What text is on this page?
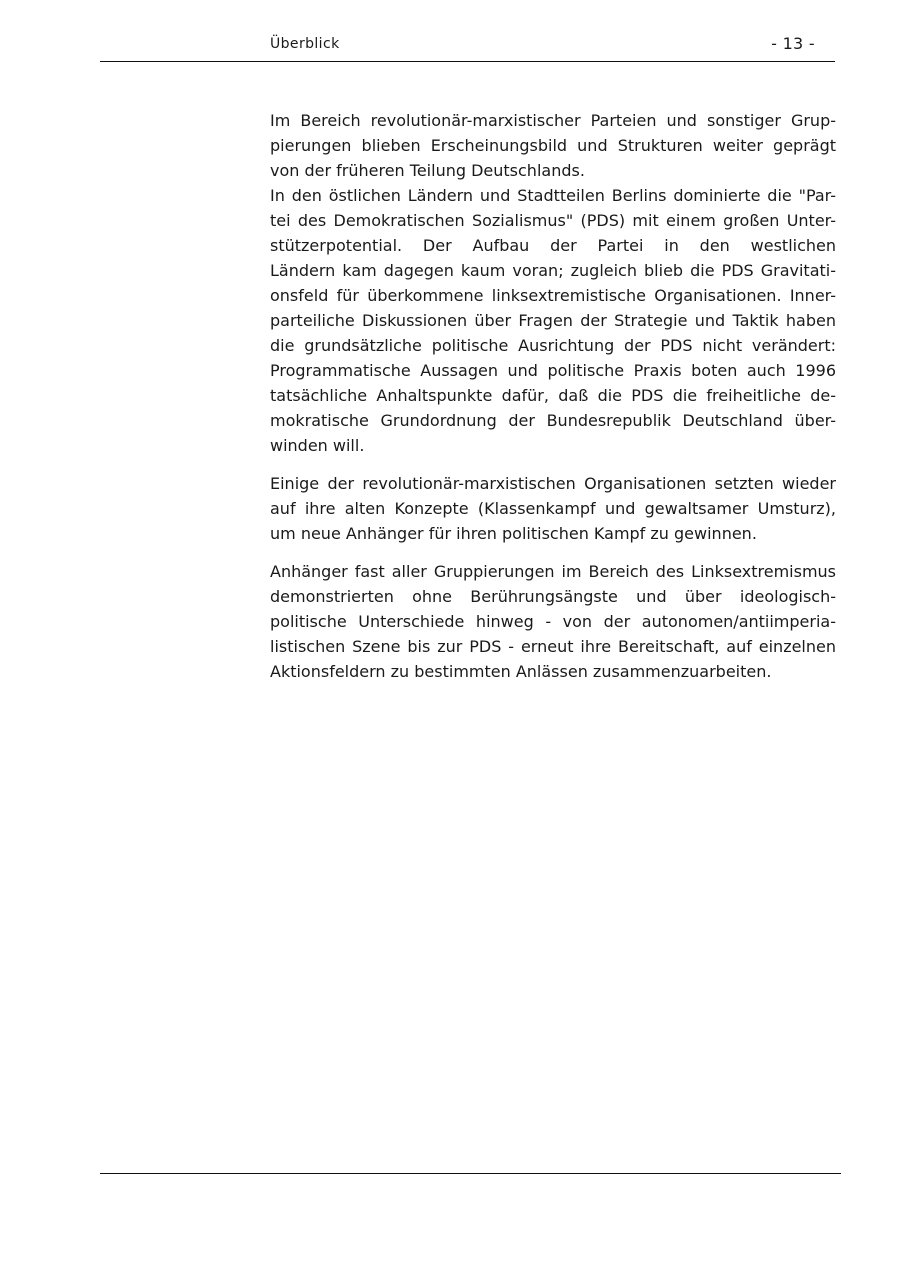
Überblick	- 13 -
Im Bereich revolutionär-marxistischer Parteien und sonstiger Grup-
pierungen blieben Erscheinungsbild und Strukturen weiter geprägt
von der früheren Teilung Deutschlands.
In den östlichen Ländern und Stadtteilen Berlins dominierte die "Par-
tei des Demokratischen Sozialismus" (PDS) mit einem großen Unter-
stützerpotential. Der Aufbau der Partei in den westlichen
Ländern kam dagegen kaum voran; zugleich blieb die PDS Gravitati-
onsfeld für überkommene linksextremistische Organisationen. Inner-
parteiliche Diskussionen über Fragen der Strategie und Taktik haben
die grundsätzliche politische Ausrichtung der PDS nicht verändert:
Programmatische Aussagen und politische Praxis boten auch 1996
tatsächliche Anhaltspunkte dafür, daß die PDS die freiheitliche de-
mokratische Grundordnung der Bundesrepublik Deutschland über-
winden will.
Einige der revolutionär-marxistischen Organisationen setzten wieder
auf ihre alten Konzepte (Klassenkampf und gewaltsamer Umsturz),
um neue Anhänger für ihren politischen Kampf zu gewinnen.
Anhänger fast aller Gruppierungen im Bereich des Linksextremismus
demonstrierten ohne Berührungsängste und über ideologisch-
politische Unterschiede hinweg - von der autonomen/antiimperia-
listischen Szene bis zur PDS - erneut ihre Bereitschaft, auf einzelnen
Aktionsfeldern zu bestimmten Anlässen zusammenzuarbeiten.
